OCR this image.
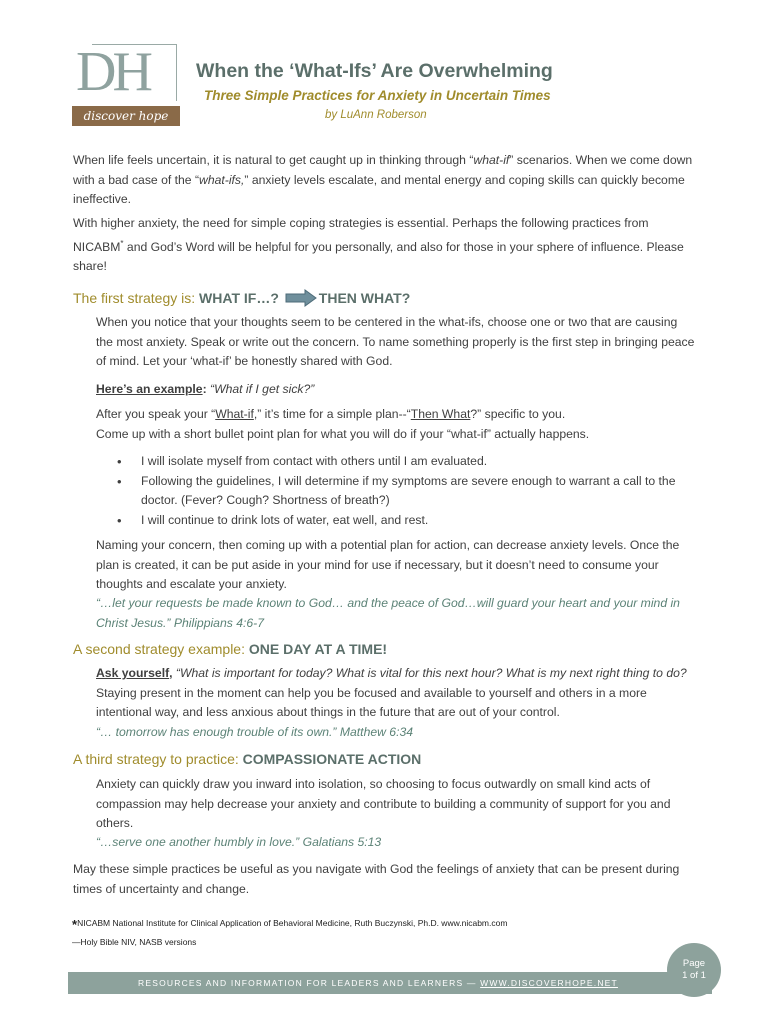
DH
discover hope
When the ‘What-Ifs’ Are Overwhelming
Three Simple Practices for Anxiety in Uncertain Times
by LuAnn Roberson
When life feels uncertain, it is natural to get caught up in thinking through “what-if” scenarios. When we come down with a bad case of the “what-ifs,” anxiety levels escalate, and mental energy and coping skills can quickly become ineffective.
With higher anxiety, the need for simple coping strategies is essential. Perhaps the following practices from NICABM* and God’s Word will be helpful for you personally, and also for those in your sphere of influence. Please share!
The first strategy is: WHAT IF…?	THEN WHAT?
When you notice that your thoughts seem to be centered in the what-ifs, choose one or two that are causing the most anxiety. Speak or write out the concern. To name something properly is the first step in bringing peace of mind. Let your ‘what-if’ be honestly shared with God.
Here’s an example: “What if I get sick?”
After you speak your “What-if,” it’s time for a simple plan--“Then What?” specific to you.
Come up with a short bullet point plan for what you will do if your “what-if” actually happens.
• I will isolate myself from contact with others until I am evaluated.
• Following the guidelines, I will determine if my symptoms are severe enough to warrant a call to the doctor. (Fever? Cough? Shortness of breath?)
• I will continue to drink lots of water, eat well, and rest.
Naming your concern, then coming up with a potential plan for action, can decrease anxiety levels. Once the plan is created, it can be put aside in your mind for use if necessary, but it doesn’t need to consume your thoughts and escalate your anxiety.
“…let your requests be made known to God… and the peace of God…will guard your heart and your mind in Christ Jesus.” Philippians 4:6-7
A second strategy example: ONE DAY AT A TIME!
Ask yourself, “What is important for today? What is vital for this next hour? What is my next right thing to do?
Staying present in the moment can help you be focused and available to yourself and others in a more intentional way, and less anxious about things in the future that are out of your control.
“… tomorrow has enough trouble of its own.” Matthew 6:34
A third strategy to practice: COMPASSIONATE ACTION
Anxiety can quickly draw you inward into isolation, so choosing to focus outwardly on small kind acts of compassion may help decrease your anxiety and contribute to building a community of support for you and others.
“…serve one another humbly in love.” Galatians 5:13
May these simple practices be useful as you navigate with God the feelings of anxiety that can be present during times of uncertainty and change.
*NICABM National Institute for Clinical Application of Behavioral Medicine, Ruth Buczynski, Ph.D. www.nicabm.com
—Holy Bible NIV, NASB versions
RESOURCES AND INFORMATION FOR LEADERS AND LEARNERS — WWW.DISCOVERHOPE.NET
Page
1 of 1
